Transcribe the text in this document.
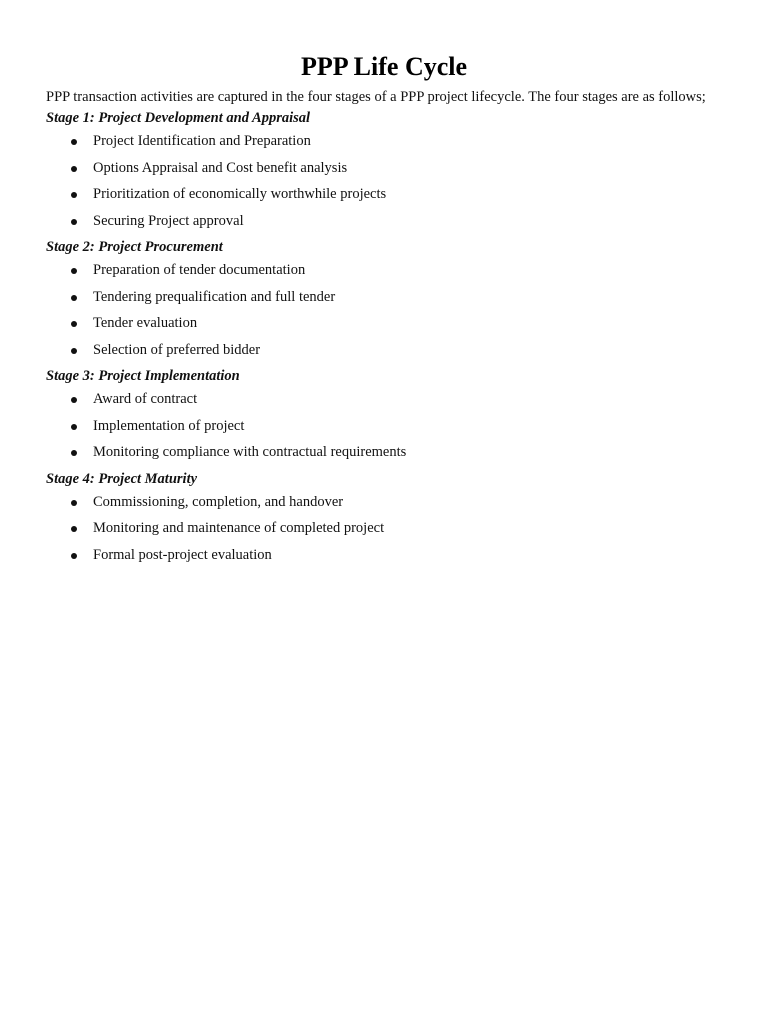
PPP Life Cycle

PPP transaction activities are captured in the four stages of a PPP project lifecycle. The four stages are as follows;

Stage 1: Project Development and Appraisal
Project Identification and Preparation
Options Appraisal and Cost benefit analysis
Prioritization of economically worthwhile projects
Securing Project approval
Stage 2: Project Procurement
Preparation of tender documentation
Tendering prequalification and full tender
Tender evaluation
Selection of preferred bidder
Stage 3: Project Implementation
Award of contract
Implementation of project
Monitoring compliance with contractual requirements
Stage 4: Project Maturity
Commissioning, completion, and handover
Monitoring and maintenance of completed project
Formal post-project evaluation
